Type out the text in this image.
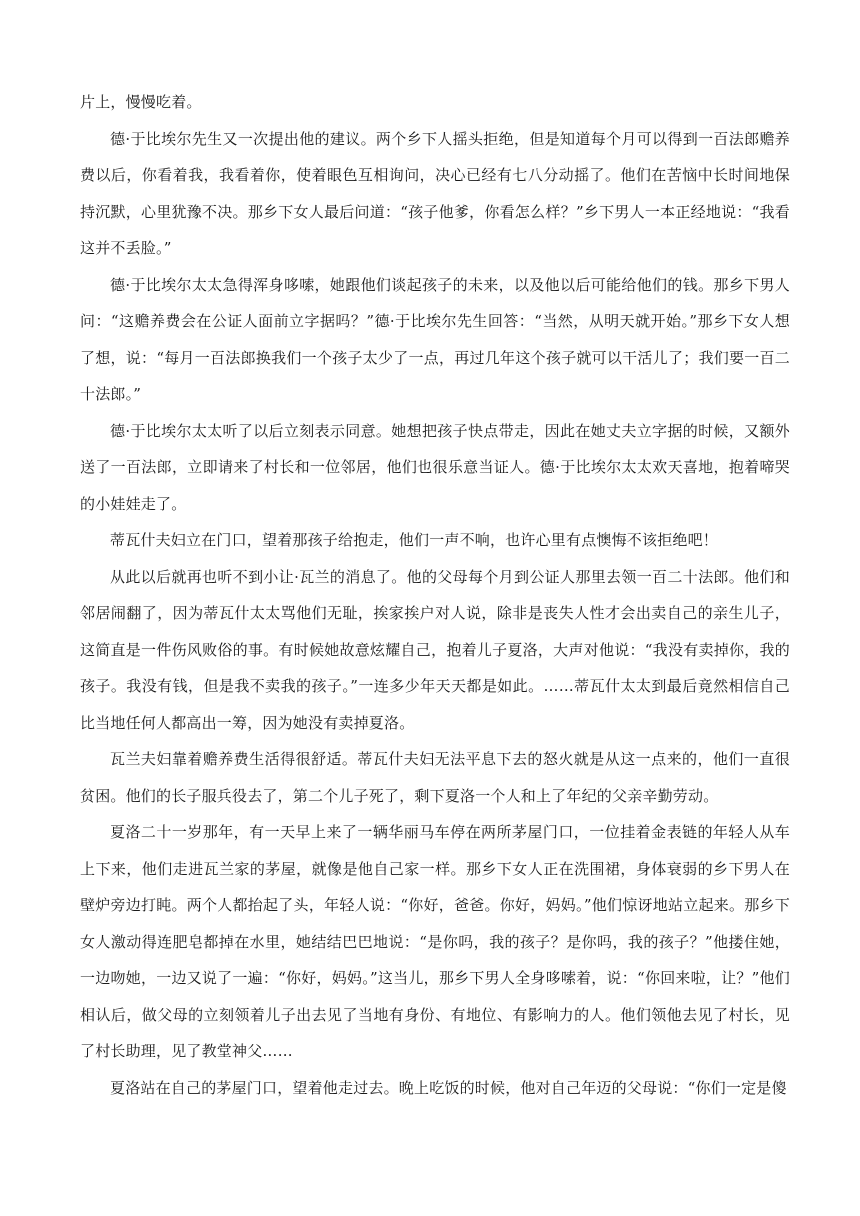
片上，慢慢吃着。

德·于比埃尔先生又一次提出他的建议。两个乡下人摇头拒绝，但是知道每个月可以得到一百法郎赡养费以后，你看着我，我看着你，使着眼色互相询问，决心已经有七八分动摇了。他们在苦恼中长时间地保持沉默，心里犹豫不决。那乡下女人最后问道：“孩子他爹，你看怎么样？”乡下男人一本正经地说：“我看这并不丢脸。”

德·于比埃尔太太急得浑身哆嗦，她跟他们谈起孩子的未来，以及他以后可能给他们的钱。那乡下男人问：“这赡养费会在公证人面前立字据吗？”德·于比埃尔先生回答：“当然，从明天就开始。”那乡下女人想了想，说：“每月一百法郎换我们一个孩子太少了一点，再过几年这个孩子就可以干活儿了；我们要一百二十法郎。”

德·于比埃尔太太听了以后立刻表示同意。她想把孩子快点带走，因此在她丈夫立字据的时候，又额外送了一百法郎，立即请来了村长和一位邻居，他们也很乐意当证人。德·于比埃尔太太欢天喜地，抱着啼哭的小娃娃走了。

蒂瓦什夫妇立在门口，望着那孩子给抱走，他们一声不响，也许心里有点懊悔不该拒绝吧！

从此以后就再也听不到小让·瓦兰的消息了。他的父母每个月到公证人那里去领一百二十法郎。他们和邻居闹翻了，因为蒂瓦什太太骂他们无耻，挨家挨户对人说，除非是丧失人性才会出卖自己的亲生儿子，这简直是一件伤风败俗的事。有时候她故意炫耀自己，抱着儿子夏洛，大声对他说：“我没有卖掉你，我的孩子。我没有钱，但是我不卖我的孩子。”一连多少年天天都是如此。……蒂瓦什太太到最后竟然相信自己比当地任何人都高出一筹，因为她没有卖掉夏洛。

瓦兰夫妇靠着赡养费生活得很舒适。蒂瓦什夫妇无法平息下去的怒火就是从这一点来的，他们一直很贫困。他们的长子服兵役去了，第二个儿子死了，剩下夏洛一个人和上了年纪的父亲辛勤劳动。

夏洛二十一岁那年，有一天早上来了一辆华丽马车停在两所茅屋门口，一位挂着金表链的年轻人从车上下来，他们走进瓦兰家的茅屋，就像是他自己家一样。那乡下女人正在洗围裙，身体衰弱的乡下男人在壁炉旁边打盹。两个人都抬起了头，年轻人说：“你好，爸爸。你好，妈妈。”他们惊讶地站立起来。那乡下女人激动得连肥皂都掉在水里，她结结巴巴地说：“是你吗，我的孩子？是你吗，我的孩子？”他搂住她，一边吻她，一边又说了一遍：“你好，妈妈。”这当儿，那乡下男人全身哆嗦着，说：“你回来啦，让？”他们相认后，做父母的立刻领着儿子出去见了当地有身份、有地位、有影响力的人。他们领他去见了村长，见了村长助理，见了教堂神父……

夏洛站在自己的茅屋门口，望着他走过去。晚上吃饭的时候，他对自己年迈的父母说：“你们一定是傻
